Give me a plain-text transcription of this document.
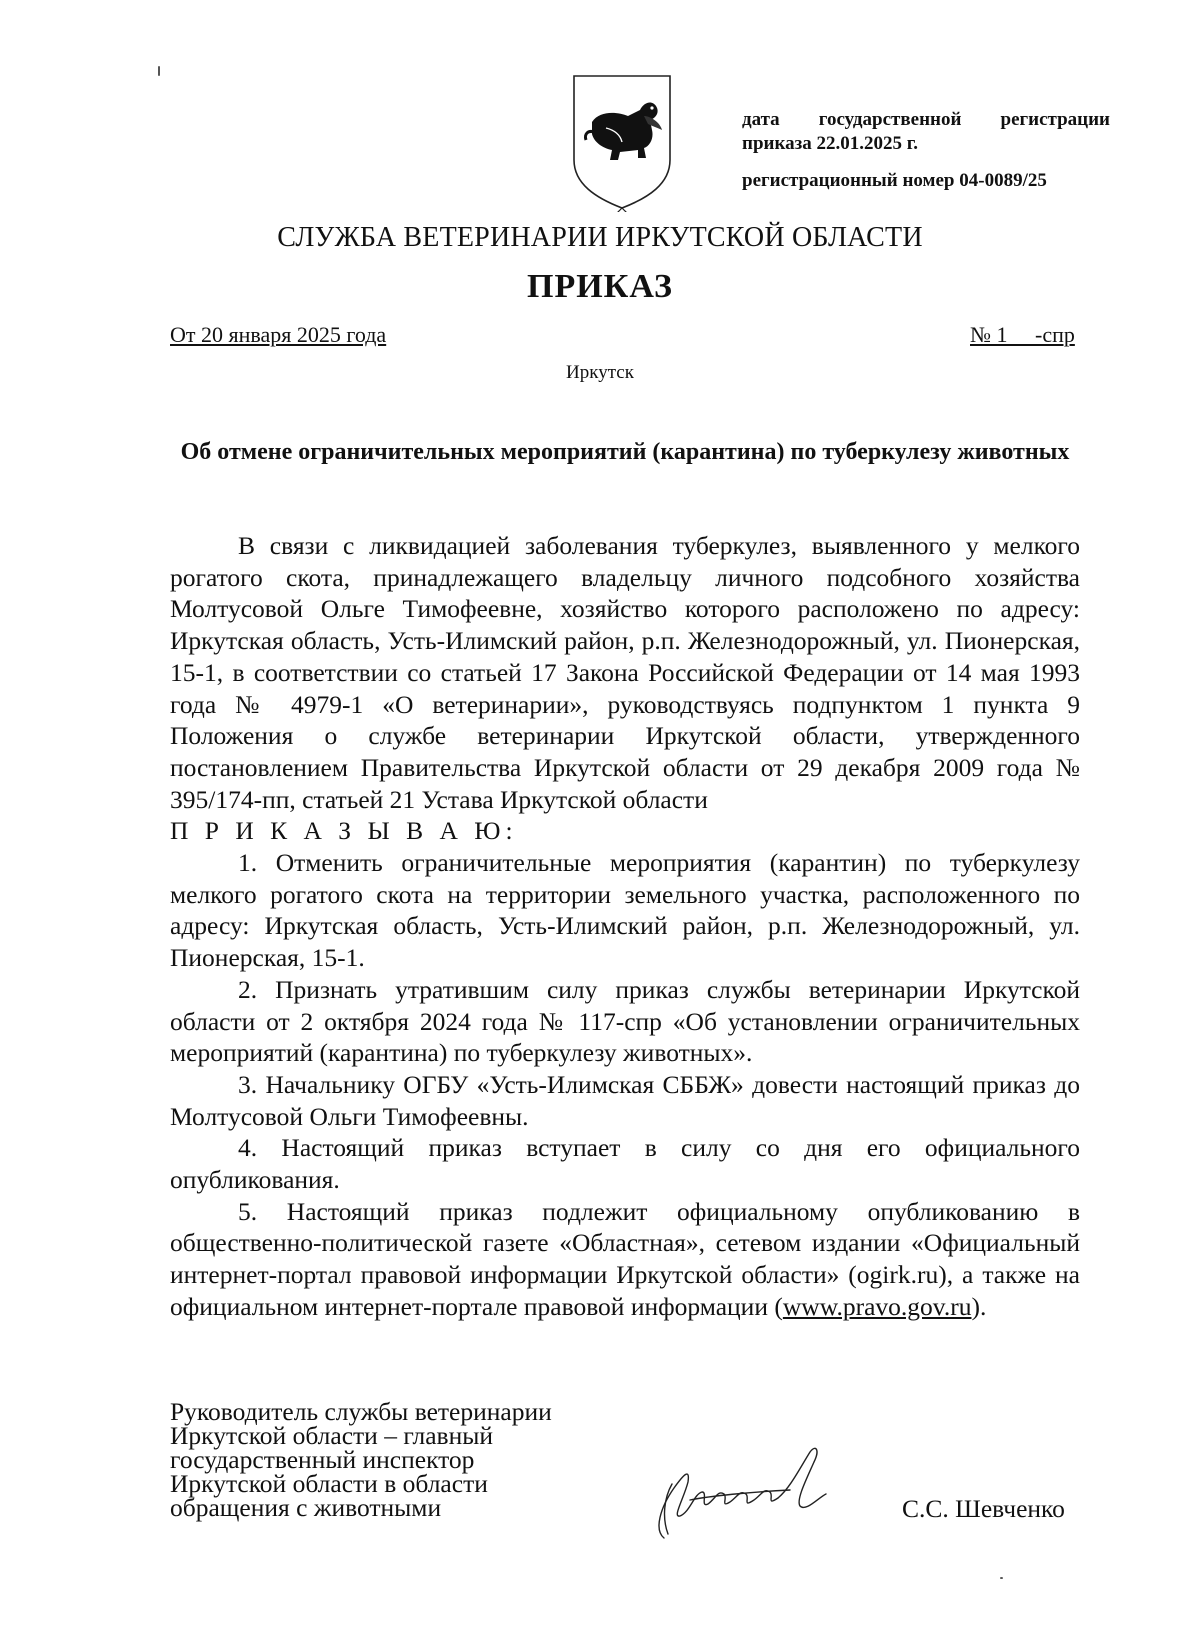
дата государственной регистрации
приказа 22.01.2025 г.
регистрационный номер 04-0089/25
СЛУЖБА ВЕТЕРИНАРИИ ИРКУТСКОЙ ОБЛАСТИ
ПРИКАЗ
От 20 января 2025 года	№ 1     -спр
Иркутск
Об отмене ограничительных мероприятий (карантина) по туберкулезу животных

В связи с ликвидацией заболевания туберкулез, выявленного у мелкого рогатого скота, принадлежащего владельцу личного подсобного хозяйства Молтусовой Ольге Тимофеевне, хозяйство которого расположено по адресу: Иркутская область, Усть-Илимский район, р.п. Железнодорожный, ул. Пионерская, 15-1, в соответствии со статьей 17 Закона Российской Федерации от 14 мая 1993 года № 4979-1 «О ветеринарии», руководствуясь подпунктом 1 пункта 9 Положения о службе ветеринарии Иркутской области, утвержденного постановлением Правительства Иркутской области от 29 декабря 2009 года № 395/174-пп, статьей 21 Устава Иркутской области

П Р И К А З Ы В А Ю:

1. Отменить ограничительные мероприятия (карантин) по туберкулезу мелкого рогатого скота на территории земельного участка, расположенного по адресу: Иркутская область, Усть-Илимский район, р.п. Железнодорожный, ул. Пионерская, 15-1.

2. Признать утратившим силу приказ службы ветеринарии Иркутской области от 2 октября 2024 года № 117-спр «Об установлении ограничительных мероприятий (карантина) по туберкулезу животных».

3. Начальнику ОГБУ «Усть-Илимская СББЖ» довести настоящий приказ до Молтусовой Ольги Тимофеевны.

4. Настоящий приказ вступает в силу со дня его официального опубликования.

5. Настоящий приказ подлежит официальному опубликованию в общественно-политической газете «Областная», сетевом издании «Официальный интернет-портал правовой информации Иркутской области» (ogirk.ru), а также на официальном интернет-портале правовой информации (www.pravo.gov.ru).

Руководитель службы ветеринарии
Иркутской области – главный
государственный инспектор
Иркутской области в области
обращения с животными	С.С. Шевченко
